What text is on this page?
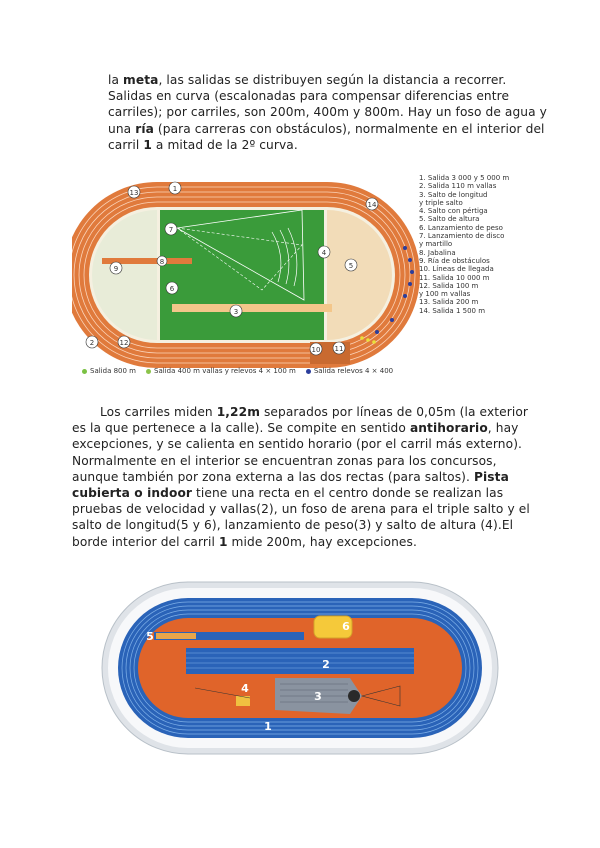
la meta, las salidas se distribuyen según la distancia a recorrer. Salidas en curva (escalonadas para compensar diferencias entre carriles); por carriles, son 200m, 400m y 800m. Hay un foso de agua y una ría (para carreras con obstáculos), normalmente en el interior del carril 1 a mitad de la 2º curva.
1
2
3
4
5
6
7
8
9
10 11
12
13
14
1. Salida 3 000 y 5 000 m
2. Salida 110 m vallas
3. Salto de longitud
y triple salto
4. Salto con pértiga
5. Salto de altura
6. Lanzamiento de peso
7. Lanzamiento de disco
y martillo
8. Jabalina
9. Ría de obstáculos
10. Líneas de llegada
11. Salida 10 000 m
12. Salida 100 m
y 100 m vallas
13. Salida 200 m
14. Salida 1 500 m
Salida 800 m	Salida 400 m vallas y relevos 4 × 100 m	Salida relevos 4 × 400
Los carriles miden 1,22m separados por líneas de 0,05m (la exterior es la que pertenece a la calle). Se compite en sentido antihorario, hay excepciones, y se calienta en sentido horario (por el carril más externo). Normalmente en el interior se encuentran zonas para los concursos, aunque también por zona externa a las dos rectas (para saltos). Pista cubierta o indoor tiene una recta en el centro donde se realizan las pruebas de velocidad y vallas(2), un foso de arena para el triple salto y el salto de longitud(5 y 6), lanzamiento de peso(3) y salto de altura (4).El borde interior del carril 1 mide 200m, hay excepciones.
1
2
3
4
5
6
